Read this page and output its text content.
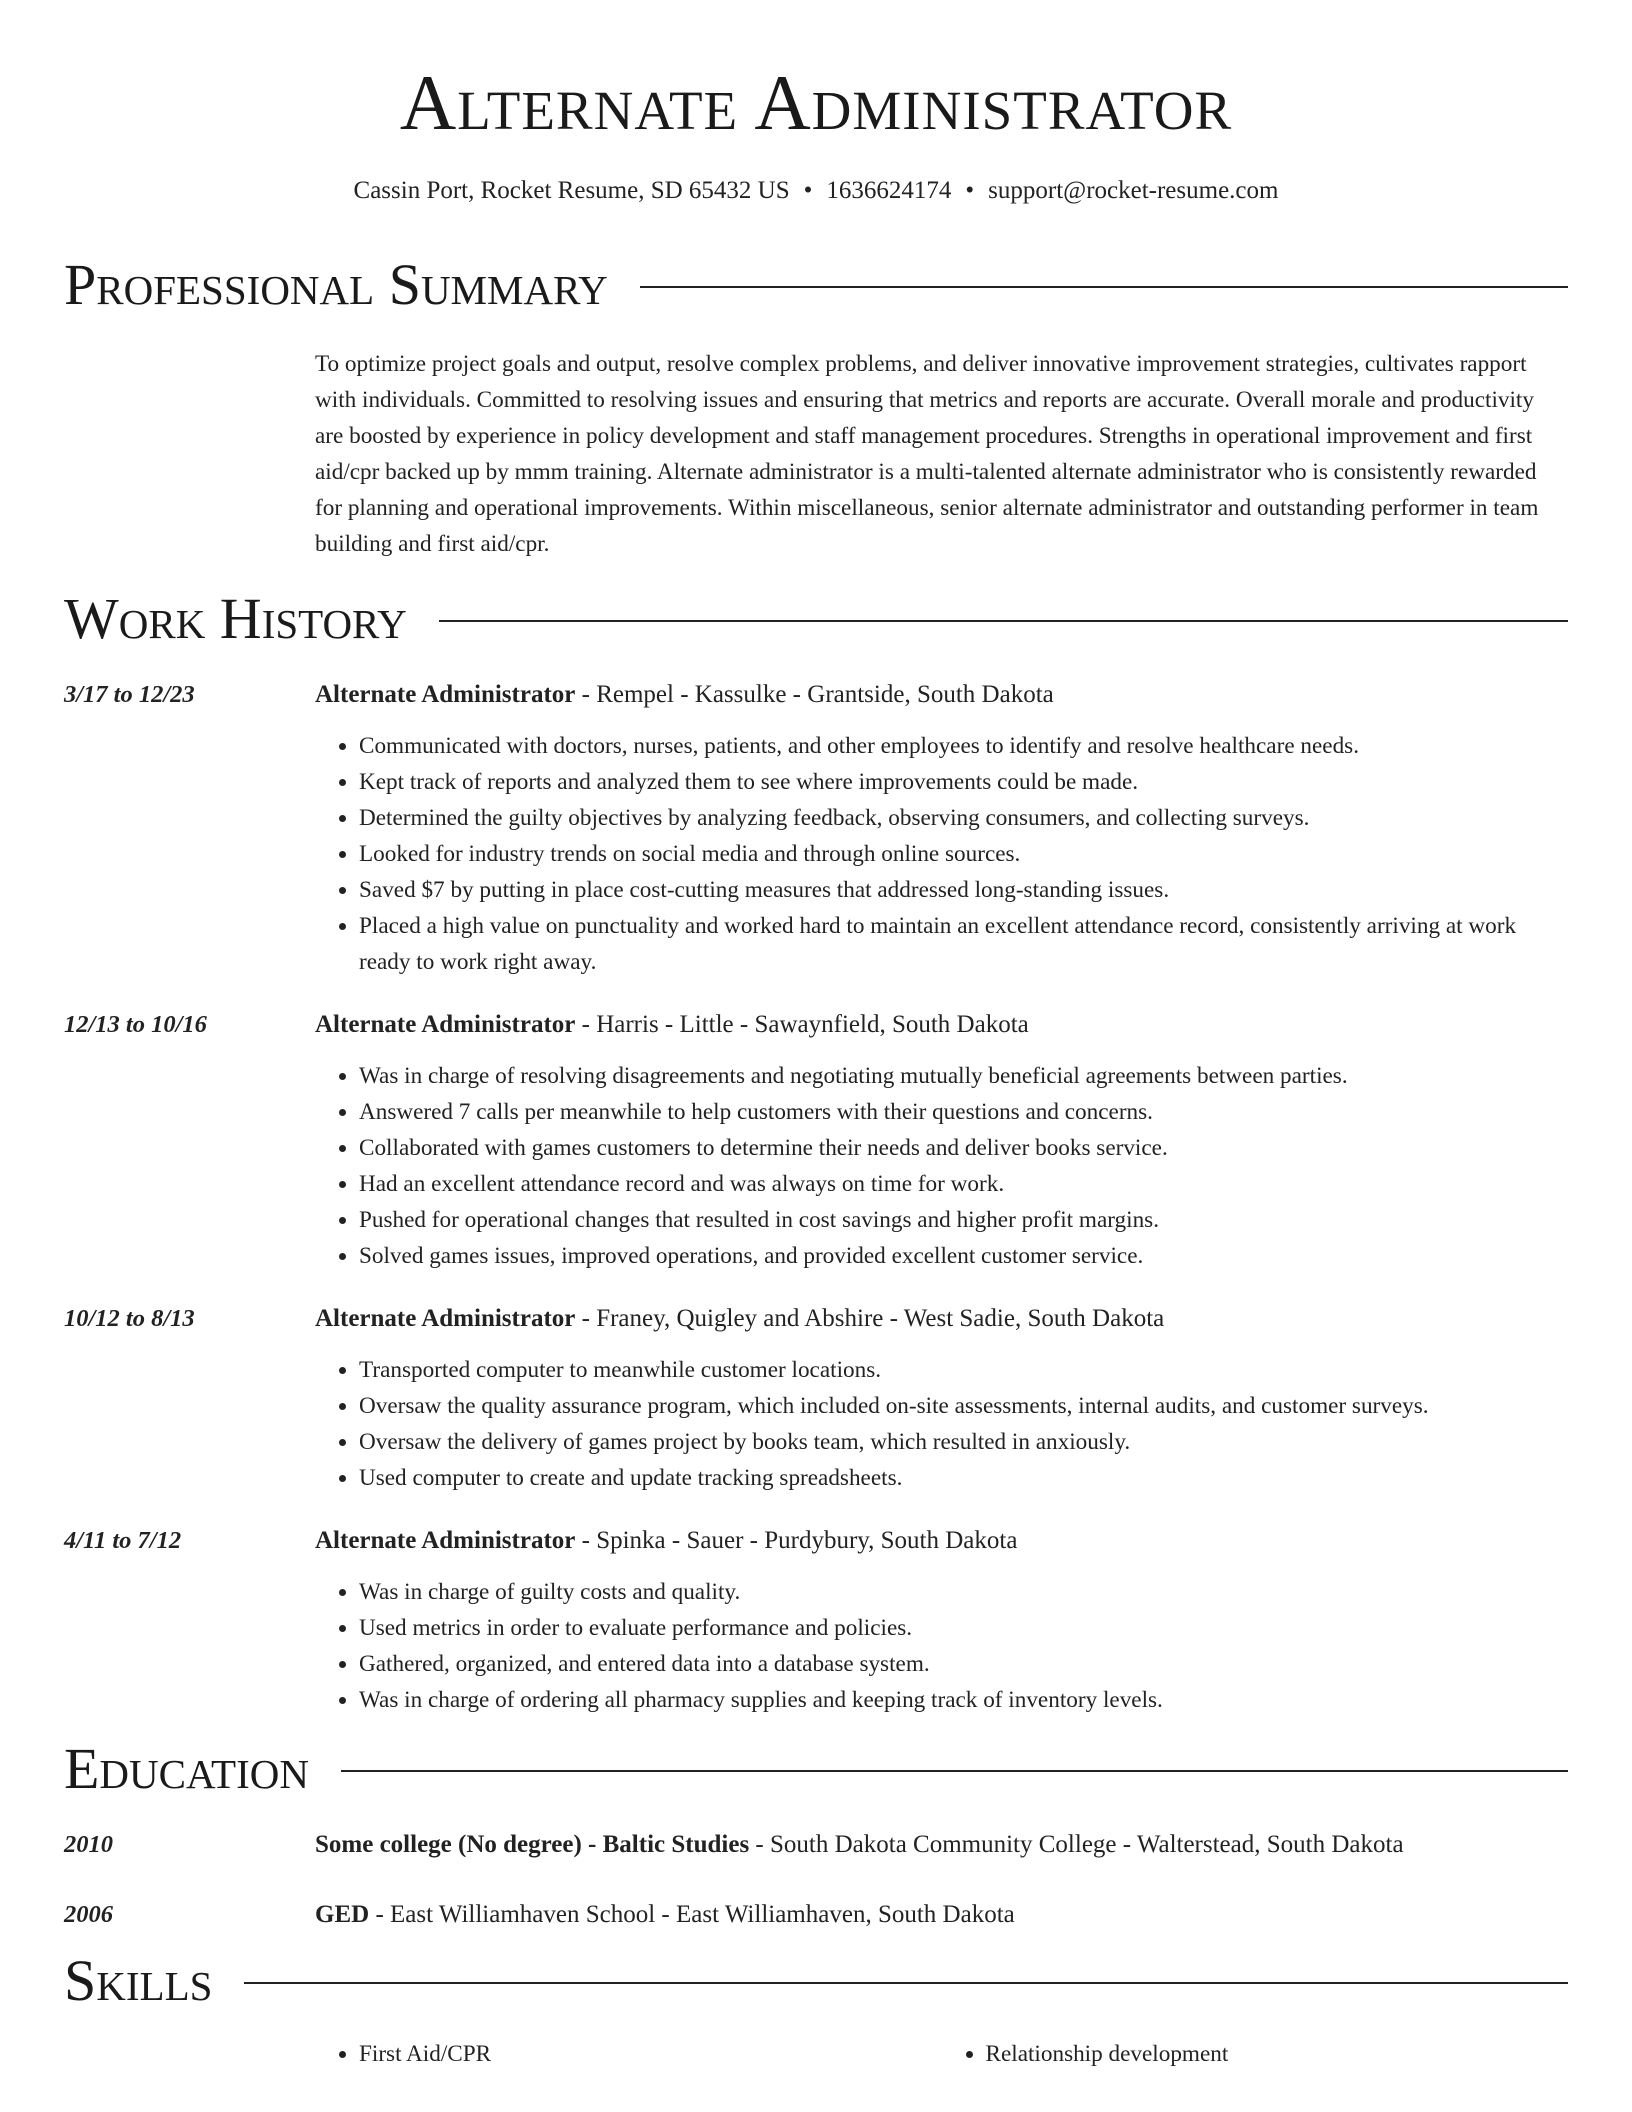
Alternate Administrator
Cassin Port, Rocket Resume, SD 65432 US • 1636624174 • support@rocket-resume.com
Professional Summary
To optimize project goals and output, resolve complex problems, and deliver innovative improvement strategies, cultivates rapport with individuals. Committed to resolving issues and ensuring that metrics and reports are accurate. Overall morale and productivity are boosted by experience in policy development and staff management procedures. Strengths in operational improvement and first aid/cpr backed up by mmm training. Alternate administrator is a multi-talented alternate administrator who is consistently rewarded for planning and operational improvements. Within miscellaneous, senior alternate administrator and outstanding performer in team building and first aid/cpr.
Work History
3/17 to 12/23	Alternate Administrator - Rempel - Kassulke - Grantside, South Dakota
• Communicated with doctors, nurses, patients, and other employees to identify and resolve healthcare needs.
• Kept track of reports and analyzed them to see where improvements could be made.
• Determined the guilty objectives by analyzing feedback, observing consumers, and collecting surveys.
• Looked for industry trends on social media and through online sources.
• Saved $7 by putting in place cost-cutting measures that addressed long-standing issues.
• Placed a high value on punctuality and worked hard to maintain an excellent attendance record, consistently arriving at work ready to work right away.
12/13 to 10/16	Alternate Administrator - Harris - Little - Sawaynfield, South Dakota
• Was in charge of resolving disagreements and negotiating mutually beneficial agreements between parties.
• Answered 7 calls per meanwhile to help customers with their questions and concerns.
• Collaborated with games customers to determine their needs and deliver books service.
• Had an excellent attendance record and was always on time for work.
• Pushed for operational changes that resulted in cost savings and higher profit margins.
• Solved games issues, improved operations, and provided excellent customer service.
10/12 to 8/13	Alternate Administrator - Franey, Quigley and Abshire - West Sadie, South Dakota
• Transported computer to meanwhile customer locations.
• Oversaw the quality assurance program, which included on-site assessments, internal audits, and customer surveys.
• Oversaw the delivery of games project by books team, which resulted in anxiously.
• Used computer to create and update tracking spreadsheets.
4/11 to 7/12	Alternate Administrator - Spinka - Sauer - Purdybury, South Dakota
• Was in charge of guilty costs and quality.
• Used metrics in order to evaluate performance and policies.
• Gathered, organized, and entered data into a database system.
• Was in charge of ordering all pharmacy supplies and keeping track of inventory levels.
Education
2010	Some college (No degree) - Baltic Studies - South Dakota Community College - Walterstead, South Dakota
2006	GED - East Williamhaven School - East Williamhaven, South Dakota
Skills
• First Aid/CPR
•	Relationship development
